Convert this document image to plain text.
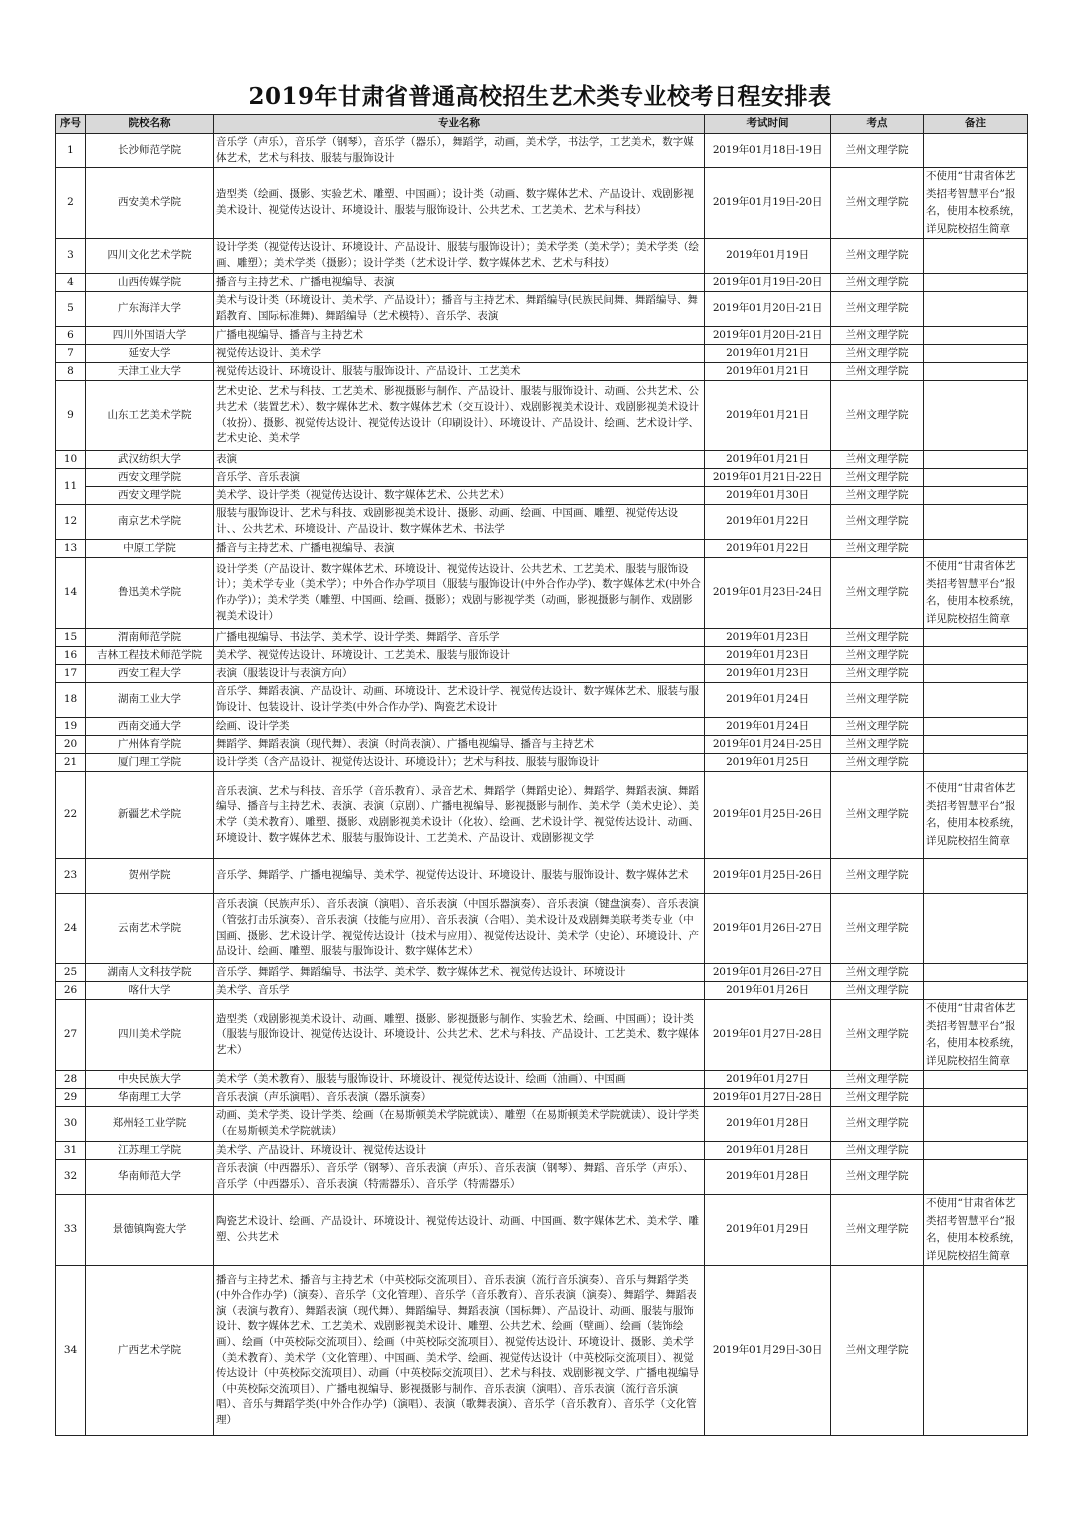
2019年甘肃省普通高校招生艺术类专业校考日程安排表
序号	院校名称	专业名称	考试时间	考点	备注
1	长沙师范学院	音乐学（声乐），音乐学（钢琴），音乐学（器乐），舞蹈学，动画，美术学，书法学，工艺美术，数字媒体艺术，艺术与科技、服装与服饰设计	2019年01月18日-19日	兰州文理学院	
2	西安美术学院	造型类（绘画、摄影、实验艺术、雕塑、中国画）；设计类（动画、数字媒体艺术、产品设计、戏剧影视美术设计、视觉传达设计、环境设计、服装与服饰设计、公共艺术、工艺美术、艺术与科技）	2019年01月19日-20日	兰州文理学院	不使用“甘肃省体艺类招考智慧平台”报名，使用本校系统，详见院校招生简章
3	四川文化艺术学院	设计学类（视觉传达设计、环境设计、产品设计、服装与服饰设计）；美术学类（美术学）；美术学类（绘画、雕塑）；美术学类（摄影）；设计学类（艺术设计学、数字媒体艺术、艺术与科技）	2019年01月19日	兰州文理学院	
4	山西传媒学院	播音与主持艺术、广播电视编导、表演	2019年01月19日-20日	兰州文理学院	
5	广东海洋大学	美术与设计类（环境设计、美术学、产品设计）；播音与主持艺术、舞蹈编导(民族民间舞、舞蹈编导、舞蹈教育、国际标准舞)、舞蹈编导（艺术模特）、音乐学、表演	2019年01月20日-21日	兰州文理学院	
6	四川外国语大学	广播电视编导、播音与主持艺术	2019年01月20日-21日	兰州文理学院	
7	延安大学	视觉传达设计、美术学	2019年01月21日	兰州文理学院	
8	天津工业大学	视觉传达设计、环境设计、服装与服饰设计、产品设计、工艺美术	2019年01月21日	兰州文理学院	
9	山东工艺美术学院	艺术史论、艺术与科技、工艺美术、影视摄影与制作、产品设计、服装与服饰设计、动画、公共艺术、公共艺术（装置艺术）、数字媒体艺术、数字媒体艺术（交互设计）、戏剧影视美术设计、戏剧影视美术设计（妆扮）、摄影、视觉传达设计、视觉传达设计（印刷设计）、环境设计、产品设计、绘画、艺术设计学、艺术史论、美术学	2019年01月21日	兰州文理学院	
10	武汉纺织大学	表演	2019年01月21日	兰州文理学院	
11	西安文理学院	音乐学、音乐表演	2019年01月21日-22日	兰州文理学院	
	西安文理学院	美术学、设计学类（视觉传达设计、数字媒体艺术、公共艺术）	2019年01月30日	兰州文理学院	
12	南京艺术学院	服装与服饰设计、艺术与科技、戏剧影视美术设计、摄影、动画、绘画、中国画、雕塑、视觉传达设计、、公共艺术、环境设计、产品设计、数字媒体艺术、书法学	2019年01月22日	兰州文理学院	
13	中原工学院	播音与主持艺术、广播电视编导、表演	2019年01月22日	兰州文理学院	
14	鲁迅美术学院	设计学类（产品设计、数字媒体艺术、环境设计、视觉传达设计、公共艺术、工艺美术、服装与服饰设计）；美术学专业（美术学）；中外合作办学项目（服装与服饰设计(中外合作办学)、数字媒体艺术(中外合作办学)）；美术学类（雕塑、中国画、绘画、摄影）；戏剧与影视学类（动画，影视摄影与制作、戏剧影视美术设计）	2019年01月23日-24日	兰州文理学院	不使用“甘肃省体艺类招考智慧平台”报名，使用本校系统，详见院校招生简章
15	渭南师范学院	广播电视编导、书法学、美术学、设计学类、舞蹈学、音乐学	2019年01月23日	兰州文理学院	
16	吉林工程技术师范学院	美术学、视觉传达设计、环境设计、工艺美术、服装与服饰设计	2019年01月23日	兰州文理学院	
17	西安工程大学	表演（服装设计与表演方向）	2019年01月23日	兰州文理学院	
18	湖南工业大学	音乐学、舞蹈表演、产品设计、动画、环境设计、艺术设计学、视觉传达设计、数字媒体艺术、服装与服饰设计、包装设计、设计学类(中外合作办学)、陶瓷艺术设计	2019年01月24日	兰州文理学院	
19	西南交通大学	绘画、设计学类	2019年01月24日	兰州文理学院	
20	广州体育学院	舞蹈学、舞蹈表演（现代舞）、表演（时尚表演）、广播电视编导、播音与主持艺术	2019年01月24日-25日	兰州文理学院	
21	厦门理工学院	设计学类（含产品设计、视觉传达设计、环境设计）；艺术与科技、服装与服饰设计	2019年01月25日	兰州文理学院	
22	新疆艺术学院	音乐表演、艺术与科技、音乐学（音乐教育）、录音艺术、舞蹈学（舞蹈史论）、舞蹈学、舞蹈表演、舞蹈编导、播音与主持艺术、表演、表演（京剧）、广播电视编导、影视摄影与制作、美术学（美术史论）、美术学（美术教育）、雕塑、摄影、戏剧影视美术设计（化妆）、绘画、艺术设计学、视觉传达设计、动画、环境设计、数字媒体艺术、服装与服饰设计、工艺美术、产品设计、戏剧影视文学	2019年01月25日-26日	兰州文理学院	不使用“甘肃省体艺类招考智慧平台”报名，使用本校系统，详见院校招生简章
23	贺州学院	音乐学、舞蹈学、广播电视编导、美术学、视觉传达设计、环境设计、服装与服饰设计、数字媒体艺术	2019年01月25日-26日	兰州文理学院	
24	云南艺术学院	音乐表演（民族声乐）、音乐表演（演唱）、音乐表演（中国乐器演奏）、音乐表演（键盘演奏）、音乐表演（管弦打击乐演奏）、音乐表演（技能与应用）、音乐表演（合唱）、美术设计及戏剧舞美联考类专业（中国画、摄影、艺术设计学、视觉传达设计（技术与应用）、视觉传达设计、美术学（史论）、环境设计、产品设计、绘画、雕塑、服装与服饰设计、数字媒体艺术）	2019年01月26日-27日	兰州文理学院	
25	湖南人文科技学院	音乐学、舞蹈学、舞蹈编导、书法学、美术学、数字媒体艺术、视觉传达设计、环境设计	2019年01月26日-27日	兰州文理学院	
26	喀什大学	美术学、音乐学	2019年01月26日	兰州文理学院	
27	四川美术学院	造型类（戏剧影视美术设计、动画、雕塑、摄影、影视摄影与制作、实验艺术、绘画、中国画）；设计类（服装与服饰设计、视觉传达设计、环境设计、公共艺术、艺术与科技、产品设计、工艺美术、数字媒体艺术）	2019年01月27日-28日	兰州文理学院	不使用“甘肃省体艺类招考智慧平台”报名，使用本校系统，详见院校招生简章
28	中央民族大学	美术学（美术教育）、服装与服饰设计、环境设计、视觉传达设计、绘画（油画）、中国画	2019年01月27日	兰州文理学院	
29	华南理工大学	音乐表演（声乐演唱）、音乐表演（器乐演奏）	2019年01月27日-28日	兰州文理学院	
30	郑州轻工业学院	动画、美术学类、设计学类、绘画（在易斯顿美术学院就读）、雕塑（在易斯顿美术学院就读）、设计学类（在易斯顿美术学院就读）	2019年01月28日	兰州文理学院	
31	江苏理工学院	美术学、产品设计、环境设计、视觉传达设计	2019年01月28日	兰州文理学院	
32	华南师范大学	音乐表演（中西器乐）、音乐学（钢琴）、音乐表演（声乐）、音乐表演（钢琴）、舞蹈、音乐学（声乐）、音乐学（中西器乐）、音乐表演（特需器乐）、音乐学（特需器乐）	2019年01月28日	兰州文理学院	
33	景德镇陶瓷大学	陶瓷艺术设计、绘画、产品设计、环境设计、视觉传达设计、动画、中国画、数字媒体艺术、美术学、雕塑、公共艺术	2019年01月29日	兰州文理学院	不使用“甘肃省体艺类招考智慧平台”报名，使用本校系统，详见院校招生简章
34	广西艺术学院	播音与主持艺术、播音与主持艺术（中英校际交流项目）、音乐表演（流行音乐演奏）、音乐与舞蹈学类(中外合作办学)（演奏）、音乐学（文化管理）、音乐学（音乐教育）、音乐表演（演奏）、舞蹈学、舞蹈表演（表演与教育）、舞蹈表演（现代舞）、舞蹈编导、舞蹈表演（国标舞）、产品设计、动画、服装与服饰设计、数字媒体艺术、工艺美术、戏剧影视美术设计、雕塑、公共艺术、绘画（壁画）、绘画（装饰绘画）、绘画（中英校际交流项目）、绘画（中英校际交流项目）、视觉传达设计、环境设计、摄影、美术学（美术教育）、美术学（文化管理）、中国画、美术学、绘画、视觉传达设计（中英校际交流项目）、视觉传达设计（中英校际交流项目）、动画（中英校际交流项目）、艺术与科技、戏剧影视文学、广播电视编导（中英校际交流项目）、广播电视编导、影视摄影与制作、音乐表演（演唱）、音乐表演（流行音乐演唱）、音乐与舞蹈学类(中外合作办学)（演唱）、表演（歌舞表演）、音乐学（音乐教育）、音乐学（文化管理）	2019年01月29日-30日	兰州文理学院	
